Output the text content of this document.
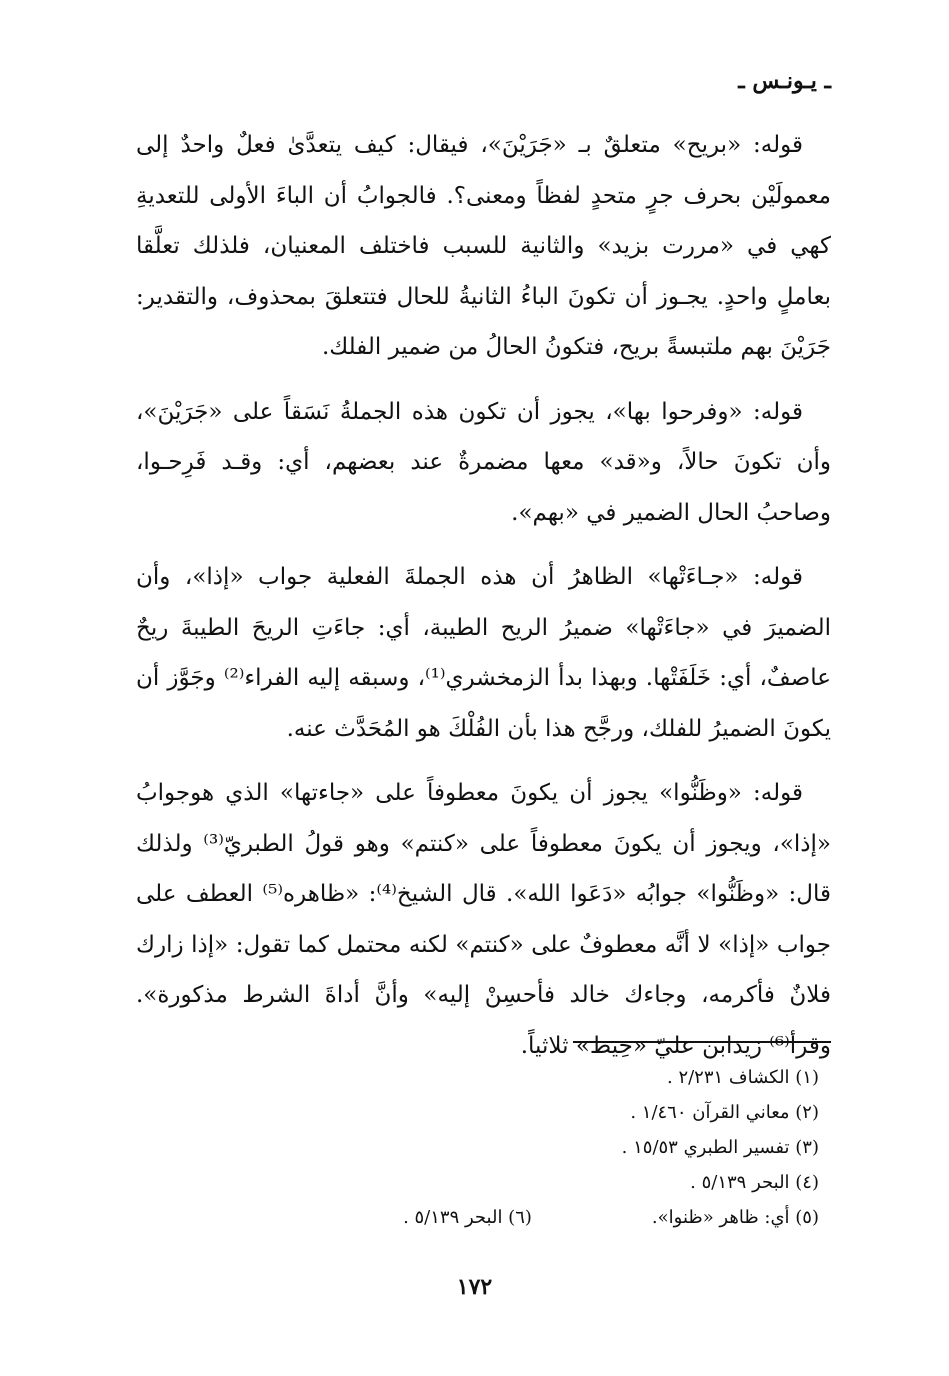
ـ يـونـس ـ

قوله: «بريح» متعلقٌ بـ «جَرَيْنَ»، فيقال: كيف يتعدَّىٰ فعلٌ واحدٌ إلى معمولَيْن بحرف جرٍ متحدٍ لفظاً ومعنى؟. فالجوابُ أن الباءَ الأولى للتعديةِ كهي في «مررت بزيد» والثانية للسبب فاختلف المعنيان، فلذلك تعلَّقا بعاملٍ واحدٍ. يجـوز أن تكونَ الباءُ الثانيةُ للحال فتتعلقَ بمحذوف، والتقدير: جَرَيْنَ بهم ملتبسةً بريح، فتكونُ الحالُ من ضمير الفلك.

قوله: «وفرحوا بها»، يجوز أن تكون هذه الجملةُ نَسَقاً على «جَرَيْنَ»، وأن تكونَ حالاً، و«قد» معها مضمرةٌ عند بعضهم، أي: وقـد فَرِحـوا، وصاحبُ الحال الضمير في «بهم».

قوله: «جـاءَتْها» الظاهرُ أن هذه الجملةَ الفعلية جواب «إذا»، وأن الضميرَ في «جاءَتْها» ضميرُ الريح الطيبة، أي: جاءَتِ الريحَ الطيبةَ ريحٌ عاصفٌ، أي: خَلَفَتْها. وبهذا بدأ الزمخشري⁽¹⁾، وسبقه إليه الفراء⁽²⁾ وجَوَّز أن يكونَ الضميرُ للفلك، ورجَّح هذا بأن الفُلْكَ هو المُحَدَّث عنه.

قوله: «وظَنُّوا» يجوز أن يكونَ معطوفاً على «جاءتها» الذي هوجوابُ «إذا»، ويجوز أن يكونَ معطوفاً على «كنتم» وهو قولُ الطبريّ⁽³⁾ ولذلك قال: «وظَنُّوا» جوابُه «دَعَوا الله». قال الشيخ⁽⁴⁾: «ظاهره⁽⁵⁾ العطف على جواب «إذا» لا أنَّه معطوفٌ على «كنتم» لكنه محتمل كما تقول: «إذا زارك فلانٌ فأكرمه، وجاءك خالد فأحسِنْ إليه» وأنَّ أداةَ الشرط مذكورة». وقرأ⁽⁶⁾ زيدابن عليّ «حِيط» ثلاثياً.

(١) الكشاف ٢/٢٣١ .

(٢) معاني القرآن ١/٤٦٠ .

(٣) تفسير الطبري ١٥/٥٣ .

(٤) البحر ٥/١٣٩ .

(٥) أي: ظاهر «ظنوا».

(٦) البحر ٥/١٣٩ .

١٧٢
